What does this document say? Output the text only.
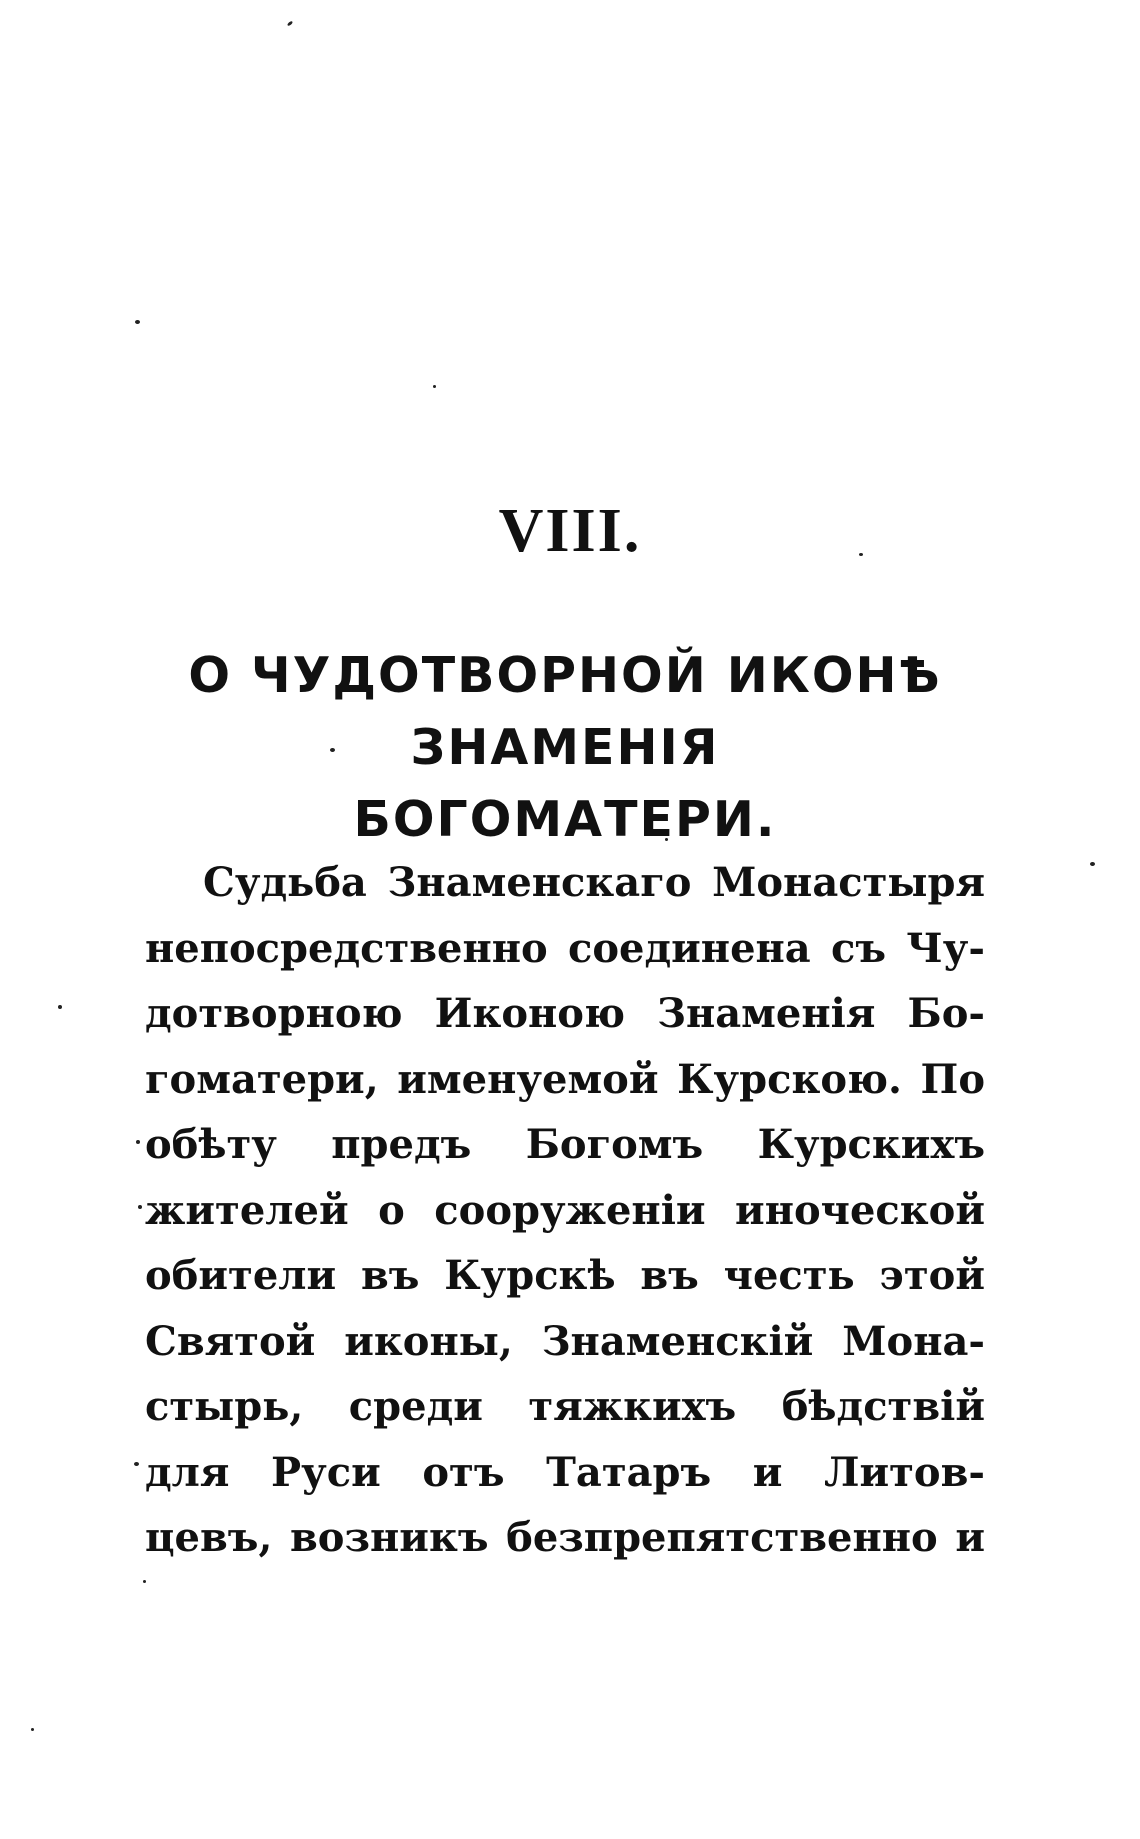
VIII.
О ЧУДОТВОРНОЙ ИКОНѢ ЗНАМЕНІЯ
БОГОМАТЕРИ.
Судьба Знаменскаго Монастыря
непосредственно соединена съ Чу-
дотворною Иконою Знаменія Бо-
гоматери, именуемой Курскою. По
обѣту предъ Богомъ Курскихъ
жителей о сооруженіи иноческой
обители въ Курскѣ въ честь этой
Святой иконы, Знаменскій Мона-
стырь, среди тяжкихъ бѣдствій
для Руси отъ Татаръ и Литов-
цевъ, возникъ безпрепятственно и
